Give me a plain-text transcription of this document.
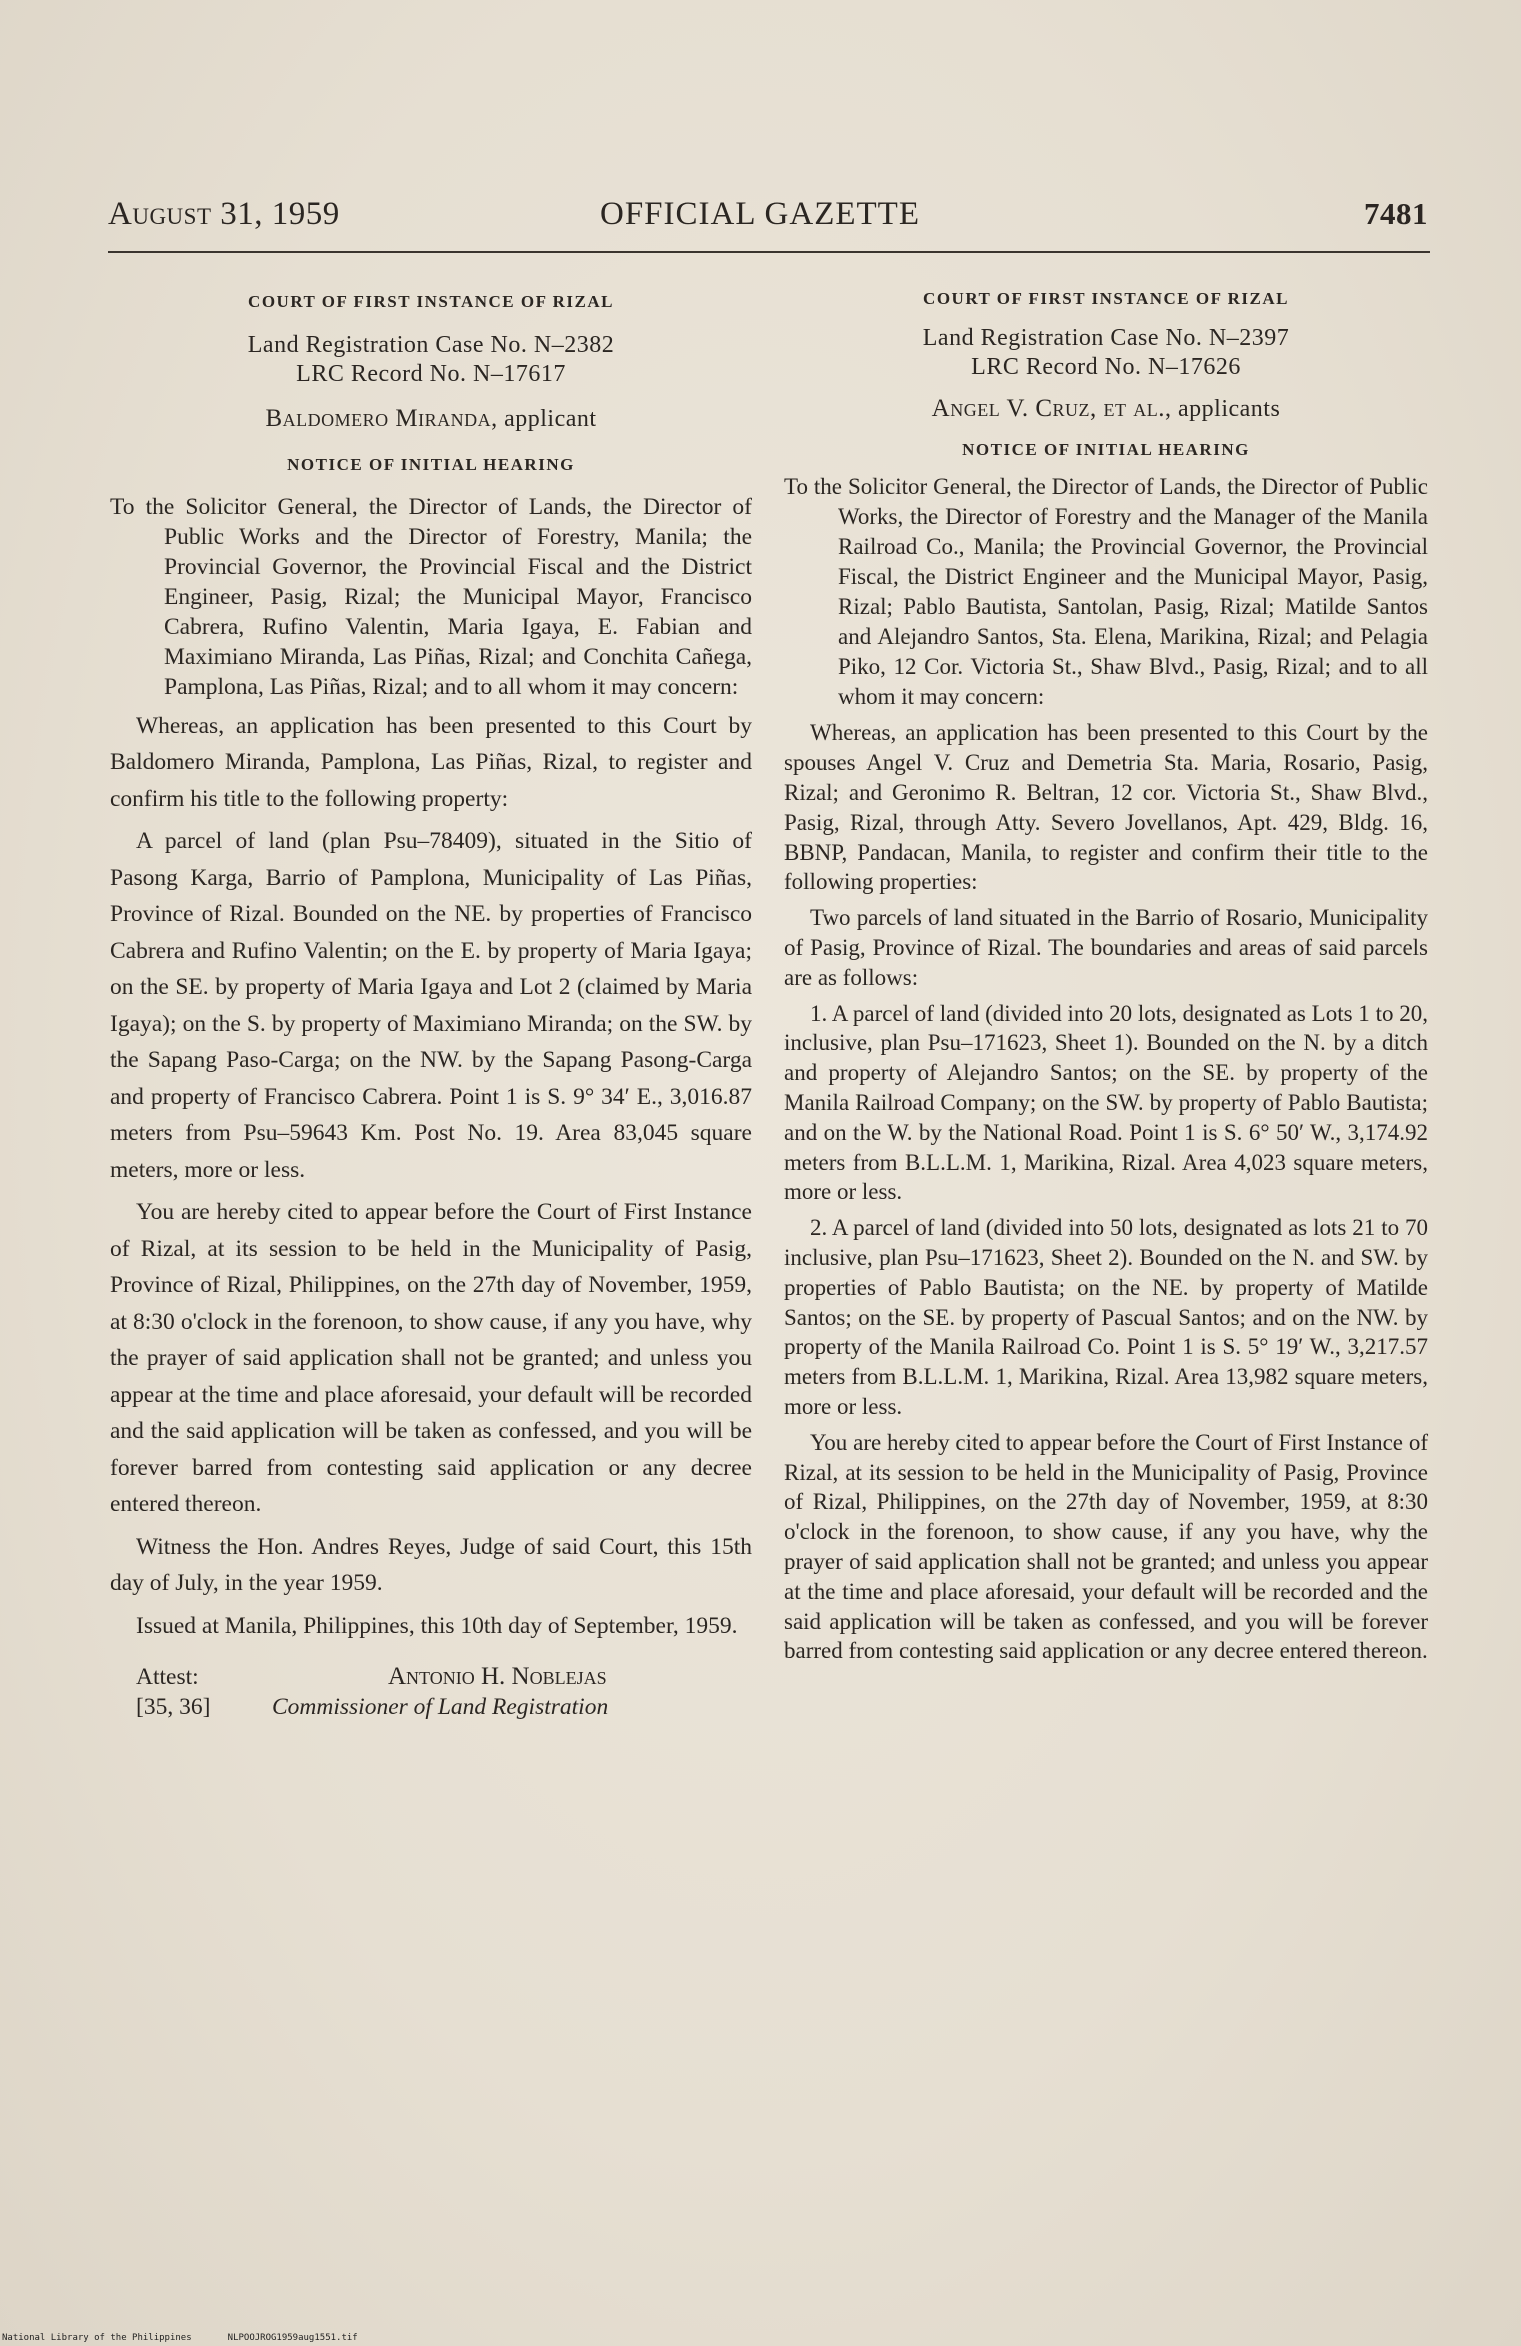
August 31, 1959	OFFICIAL GAZETTE	7481
COURT OF FIRST INSTANCE OF RIZAL
Land Registration Case No. N–2382
LRC Record No. N–17617
Baldomero Miranda, applicant
NOTICE OF INITIAL HEARING

To the Solicitor General, the Director of Lands, the Director of Public Works and the Director of Forestry, Manila; the Provincial Governor, the Provincial Fiscal and the District Engineer, Pasig, Rizal; the Municipal Mayor, Francisco Cabrera, Rufino Valentin, Maria Igaya, E. Fabian and Maximiano Miranda, Las Piñas, Rizal; and Conchita Cañega, Pamplona, Las Piñas, Rizal; and to all whom it may concern:

Whereas, an application has been presented to this Court by Baldomero Miranda, Pamplona, Las Piñas, Rizal, to register and confirm his title to the following property:

A parcel of land (plan Psu–78409), situated in the Sitio of Pasong Karga, Barrio of Pamplona, Municipality of Las Piñas, Province of Rizal. Bounded on the NE. by properties of Francisco Cabrera and Rufino Valentin; on the E. by property of Maria Igaya; on the SE. by property of Maria Igaya and Lot 2 (claimed by Maria Igaya); on the S. by property of Maximiano Miranda; on the SW. by the Sapang Paso-Carga; on the NW. by the Sapang Pasong-Carga and property of Francisco Cabrera. Point 1 is S. 9° 34′ E., 3,016.87 meters from Psu–59643 Km. Post No. 19. Area 83,045 square meters, more or less.

You are hereby cited to appear before the Court of First Instance of Rizal, at its session to be held in the Municipality of Pasig, Province of Rizal, Philippines, on the 27th day of November, 1959, at 8:30 o'clock in the forenoon, to show cause, if any you have, why the prayer of said application shall not be granted; and unless you appear at the time and place aforesaid, your default will be recorded and the said application will be taken as confessed, and you will be forever barred from contesting said application or any decree entered thereon.

Witness the Hon. Andres Reyes, Judge of said Court, this 15th day of July, in the year 1959.

Issued at Manila, Philippines, this 10th day of September, 1959.

Attest:	Antonio H. Noblejas
[35, 36]	Commissioner of Land Registration
COURT OF FIRST INSTANCE OF RIZAL
Land Registration Case No. N–2397
LRC Record No. N–17626
Angel V. Cruz, et al., applicants
NOTICE OF INITIAL HEARING

To the Solicitor General, the Director of Lands, the Director of Public Works, the Director of Forestry and the Manager of the Manila Railroad Co., Manila; the Provincial Governor, the Provincial Fiscal, the District Engineer and the Municipal Mayor, Pasig, Rizal; Pablo Bautista, Santolan, Pasig, Rizal; Matilde Santos and Alejandro Santos, Sta. Elena, Marikina, Rizal; and Pelagia Piko, 12 Cor. Victoria St., Shaw Blvd., Pasig, Rizal; and to all whom it may concern:

Whereas, an application has been presented to this Court by the spouses Angel V. Cruz and Demetria Sta. Maria, Rosario, Pasig, Rizal; and Geronimo R. Beltran, 12 cor. Victoria St., Shaw Blvd., Pasig, Rizal, through Atty. Severo Jovellanos, Apt. 429, Bldg. 16, BBNP, Pandacan, Manila, to register and confirm their title to the following properties:

Two parcels of land situated in the Barrio of Rosario, Municipality of Pasig, Province of Rizal. The boundaries and areas of said parcels are as follows:

1. A parcel of land (divided into 20 lots, designated as Lots 1 to 20, inclusive, plan Psu–171623, Sheet 1). Bounded on the N. by a ditch and property of Alejandro Santos; on the SE. by property of the Manila Railroad Company; on the SW. by property of Pablo Bautista; and on the W. by the National Road. Point 1 is S. 6° 50′ W., 3,174.92 meters from B.L.L.M. 1, Marikina, Rizal. Area 4,023 square meters, more or less.

2. A parcel of land (divided into 50 lots, designated as lots 21 to 70 inclusive, plan Psu–171623, Sheet 2). Bounded on the N. and SW. by properties of Pablo Bautista; on the NE. by property of Matilde Santos; on the SE. by property of Pascual Santos; and on the NW. by property of the Manila Railroad Co. Point 1 is S. 5° 19′ W., 3,217.57 meters from B.L.L.M. 1, Marikina, Rizal. Area 13,982 square meters, more or less.

You are hereby cited to appear before the Court of First Instance of Rizal, at its session to be held in the Municipality of Pasig, Province of Rizal, Philippines, on the 27th day of November, 1959, at 8:30 o'clock in the forenoon, to show cause, if any you have, why the prayer of said application shall not be granted; and unless you appear at the time and place aforesaid, your default will be recorded and the said application will be taken as confessed, and you will be forever barred from contesting said application or any decree entered thereon.

National Library of the Philippines	NLPOOJROG1959aug1551.tif
